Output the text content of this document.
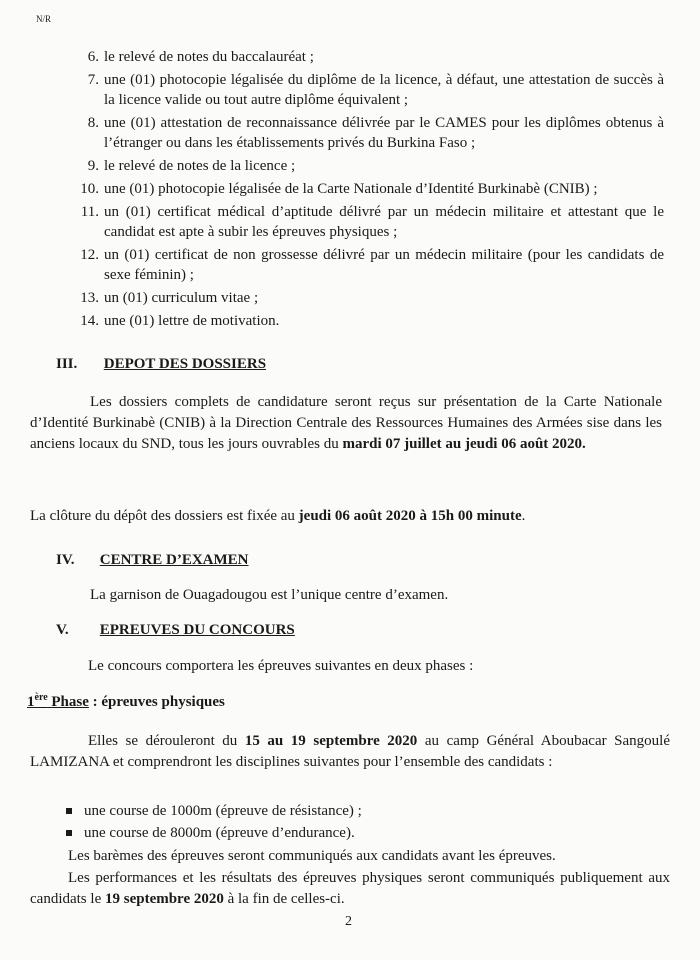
N/R
6. le relevé de notes du baccalauréat ;
7. une (01) photocopie légalisée du diplôme de la licence, à défaut, une attestation de succès à la licence valide ou tout autre diplôme équivalent ;
8. une (01) attestation de reconnaissance délivrée par le CAMES pour les diplômes obtenus à l’étranger ou dans les établissements privés du Burkina Faso ;
9. le relevé de notes de la licence ;
10. une (01) photocopie légalisée de la Carte Nationale d’Identité Burkinabè (CNIB) ;
11. un (01) certificat médical d’aptitude délivré par un médecin militaire et attestant que le candidat est apte à subir les épreuves physiques ;
12. un (01) certificat de non grossesse délivré par un médecin militaire (pour les candidats de sexe féminin) ;
13. un (01) curriculum vitae ;
14. une (01) lettre de motivation.
III. DEPOT DES DOSSIERS
Les dossiers complets de candidature seront reçus sur présentation de la Carte Nationale d’Identité Burkinabè (CNIB) à la Direction Centrale des Ressources Humaines des Armées sise dans les anciens locaux du SND, tous les jours ouvrables du mardi 07 juillet au jeudi 06 août 2020.
La clôture du dépôt des dossiers est fixée au jeudi 06 août 2020 à 15h 00 minute.
IV. CENTRE D’EXAMEN
La garnison de Ouagadougou est l’unique centre d’examen.
V. EPREUVES DU CONCOURS
Le concours comportera les épreuves suivantes en deux phases :
1ère Phase : épreuves physiques
Elles se dérouleront du 15 au 19 septembre 2020 au camp Général Aboubacar Sangoulé LAMIZANA et comprendront les disciplines suivantes pour l’ensemble des candidats :
une course de 1000m (épreuve de résistance) ;
une course de 8000m (épreuve d’endurance).
Les barèmes des épreuves seront communiqués aux candidats avant les épreuves.
Les performances et les résultats des épreuves physiques seront communiqués publiquement aux candidats le 19 septembre 2020 à la fin de celles-ci.
2
